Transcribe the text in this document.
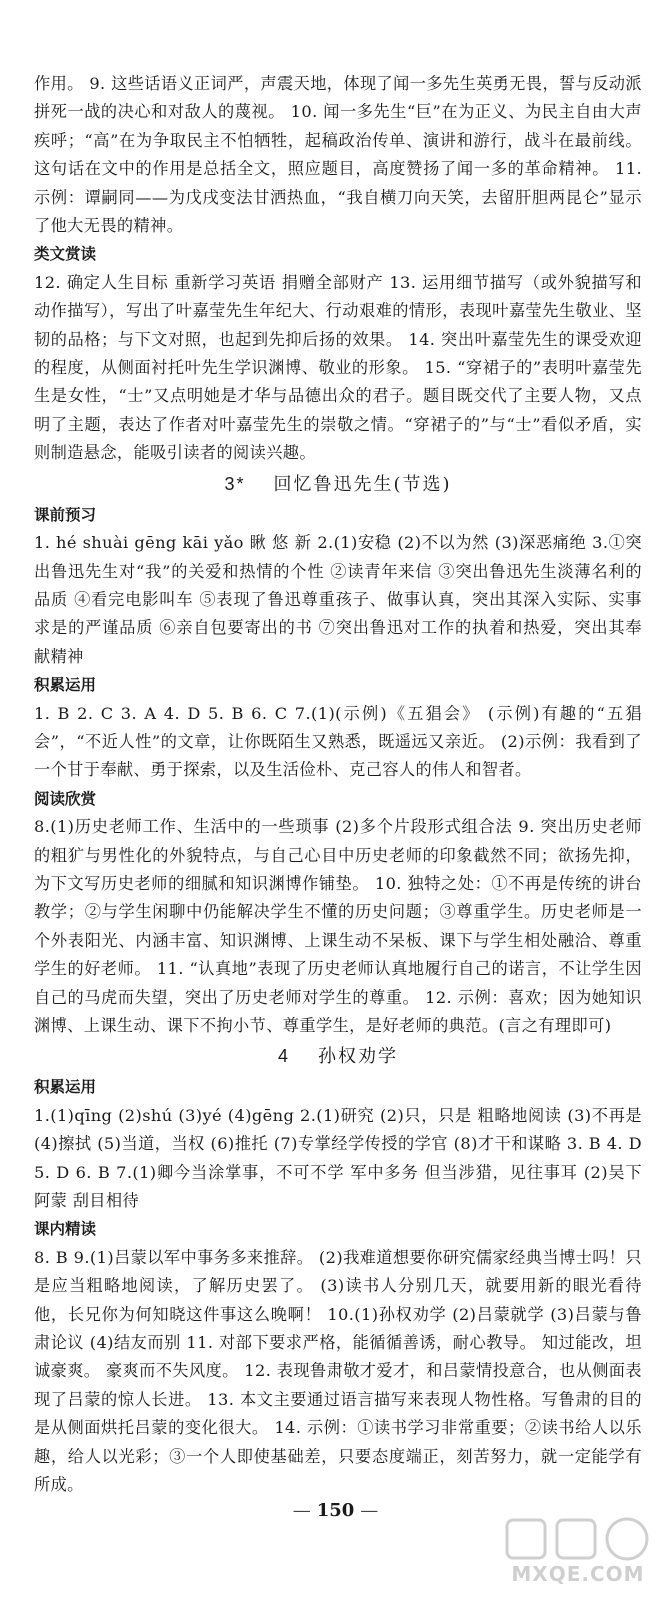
作用。 9. 这些话语义正词严，声震天地，体现了闻一多先生英勇无畏，誓与反动派拼死一战的决心和对敌人的蔑视。 10. 闻一多先生“巨”在为正义、为民主自由大声疾呼；“高”在为争取民主不怕牺牲，起稿政治传单、演讲和游行，战斗在最前线。这句话在文中的作用是总括全文，照应题目，高度赞扬了闻一多的革命精神。 11. 示例：谭嗣同——为戊戌变法甘洒热血，“我自横刀向天笑，去留肝胆两昆仑”显示了他大无畏的精神。

类文赏读

12. 确定人生目标 重新学习英语 捐赠全部财产 13. 运用细节描写（或外貌描写和动作描写），写出了叶嘉莹先生年纪大、行动艰难的情形，表现叶嘉莹先生敬业、坚韧的品格；与下文对照，也起到先抑后扬的效果。 14. 突出叶嘉莹先生的课受欢迎的程度，从侧面衬托叶先生学识渊博、敬业的形象。 15. “穿裙子的”表明叶嘉莹先生是女性，“士”又点明她是才华与品德出众的君子。题目既交代了主要人物，又点明了主题，表达了作者对叶嘉莹先生的崇敬之情。“穿裙子的”与“士”看似矛盾，实则制造悬念，能吸引读者的阅读兴趣。

3* 回忆鲁迅先生(节选)

课前预习

1. hé shuài gēng kāi yǎo 瞅 悠 新 2.(1)安稳 (2)不以为然 (3)深恶痛绝 3.①突出鲁迅先生对“我”的关爱和热情的个性 ②读青年来信 ③突出鲁迅先生淡薄名利的品质 ④看完电影叫车 ⑤表现了鲁迅尊重孩子、做事认真，突出其深入实际、实事求是的严谨品质 ⑥亲自包要寄出的书 ⑦突出鲁迅对工作的执着和热爱，突出其奉献精神

积累运用

1. B 2. C 3. A 4. D 5. B 6. C 7.(1)(示例)《五猖会》 (示例)有趣的“五猖会”，“不近人性”的文章，让你既陌生又熟悉，既遥远又亲近。 (2)示例：我看到了一个甘于奉献、勇于探索，以及生活俭朴、克己容人的伟人和智者。

阅读欣赏

8.(1)历史老师工作、生活中的一些琐事 (2)多个片段形式组合法 9. 突出历史老师的粗犷与男性化的外貌特点，与自己心目中历史老师的印象截然不同；欲扬先抑，为下文写历史老师的细腻和知识渊博作铺垫。 10. 独特之处：①不再是传统的讲台教学；②与学生闲聊中仍能解决学生不懂的历史问题；③尊重学生。历史老师是一个外表阳光、内涵丰富、知识渊博、上课生动不呆板、课下与学生相处融洽、尊重学生的好老师。 11. “认真地”表现了历史老师认真地履行自己的诺言，不让学生因自己的马虎而失望，突出了历史老师对学生的尊重。 12. 示例：喜欢；因为她知识渊博、上课生动、课下不拘小节、尊重学生，是好老师的典范。(言之有理即可)

4 孙权劝学

积累运用

1.(1)qīng (2)shú (3)yé (4)gēng 2.(1)研究 (2)只，只是 粗略地阅读 (3)不再是 (4)擦拭 (5)当道，当权 (6)推托 (7)专掌经学传授的学官 (8)才干和谋略 3. B 4. D 5. D 6. B 7.(1)卿今当涂掌事，不可不学 军中多务 但当涉猎，见往事耳 (2)吴下阿蒙 刮目相待

课内精读

8. B 9.(1)吕蒙以军中事务多来推辞。 (2)我难道想要你研究儒家经典当博士吗！只是应当粗略地阅读，了解历史罢了。 (3)读书人分别几天，就要用新的眼光看待他，长兄你为何知晓这件事这么晚啊！ 10.(1)孙权劝学 (2)吕蒙就学 (3)吕蒙与鲁肃论议 (4)结友而别 11. 对部下要求严格，能循循善诱，耐心教导。 知过能改，坦诚豪爽。 豪爽而不失风度。 12. 表现鲁肃敬才爱才，和吕蒙情投意合，也从侧面表现了吕蒙的惊人长进。 13. 本文主要通过语言描写来表现人物性格。写鲁肃的目的是从侧面烘托吕蒙的变化很大。 14. 示例：①读书学习非常重要；②读书给人以乐趣，给人以光彩；③一个人即使基础差，只要态度端正，刻苦努力，就一定能学有所成。

— 150 —
MXQE.COM
